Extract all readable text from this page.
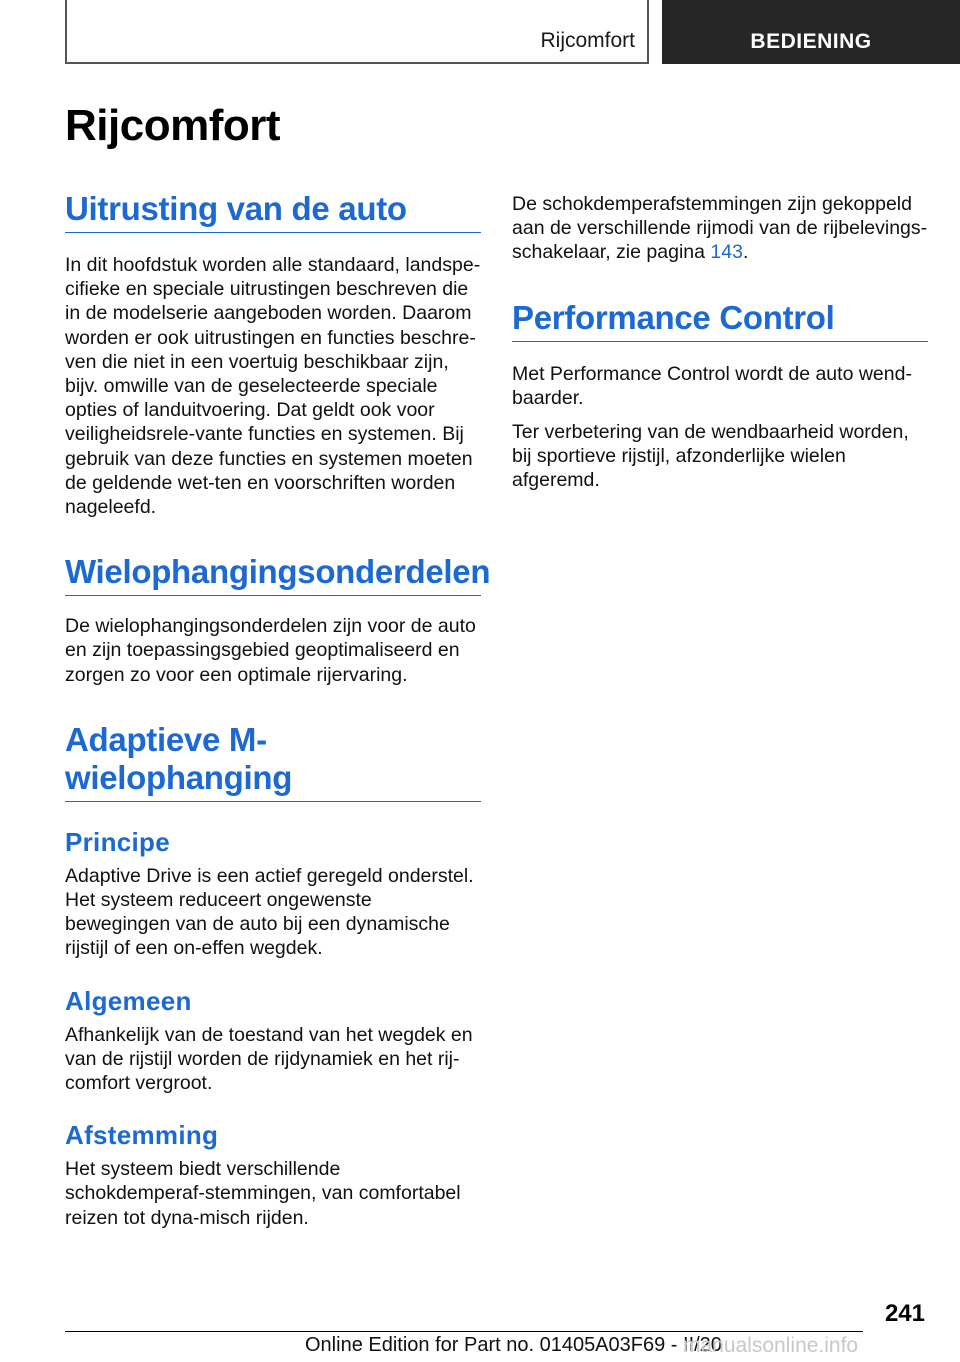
Rijcomfort	BEDIENING
Rijcomfort
Uitrusting van de auto

In dit hoofdstuk worden alle standaard, landspe-cifieke en speciale uitrustingen beschreven die in de modelserie aangeboden worden. Daarom worden er ook uitrustingen en functies beschre-ven die niet in een voertuig beschikbaar zijn, bijv. omwille van de geselecteerde speciale opties of landuitvoering. Dat geldt ook voor veiligheidsrele-vante functies en systemen. Bij gebruik van deze functies en systemen moeten de geldende wet-ten en voorschriften worden nageleefd.

Wielophangingsonderdelen

De wielophangingsonderdelen zijn voor de auto en zijn toepassingsgebied geoptimaliseerd en zorgen zo voor een optimale rijervaring.

Adaptieve M-wielophanging
Principe

Adaptive Drive is een actief geregeld onderstel. Het systeem reduceert ongewenste bewegingen van de auto bij een dynamische rijstijl of een on-effen wegdek.

Algemeen

Afhankelijk van de toestand van het wegdek en van de rijstijl worden de rijdynamiek en het rij-comfort vergroot.

Afstemming

Het systeem biedt verschillende schokdemperaf-stemmingen, van comfortabel reizen tot dyna-misch rijden.

De schokdemperafstemmingen zijn gekoppeld aan de verschillende rijmodi van de rijbelevings-schakelaar, zie pagina 143.

Performance Control

Met Performance Control wordt de auto wend-baarder.

Ter verbetering van de wendbaarheid worden, bij sportieve rijstijl, afzonderlijke wielen afgeremd.

241
Online Edition for Part no. 01405A03F69 - II/20
manualsonline.info
